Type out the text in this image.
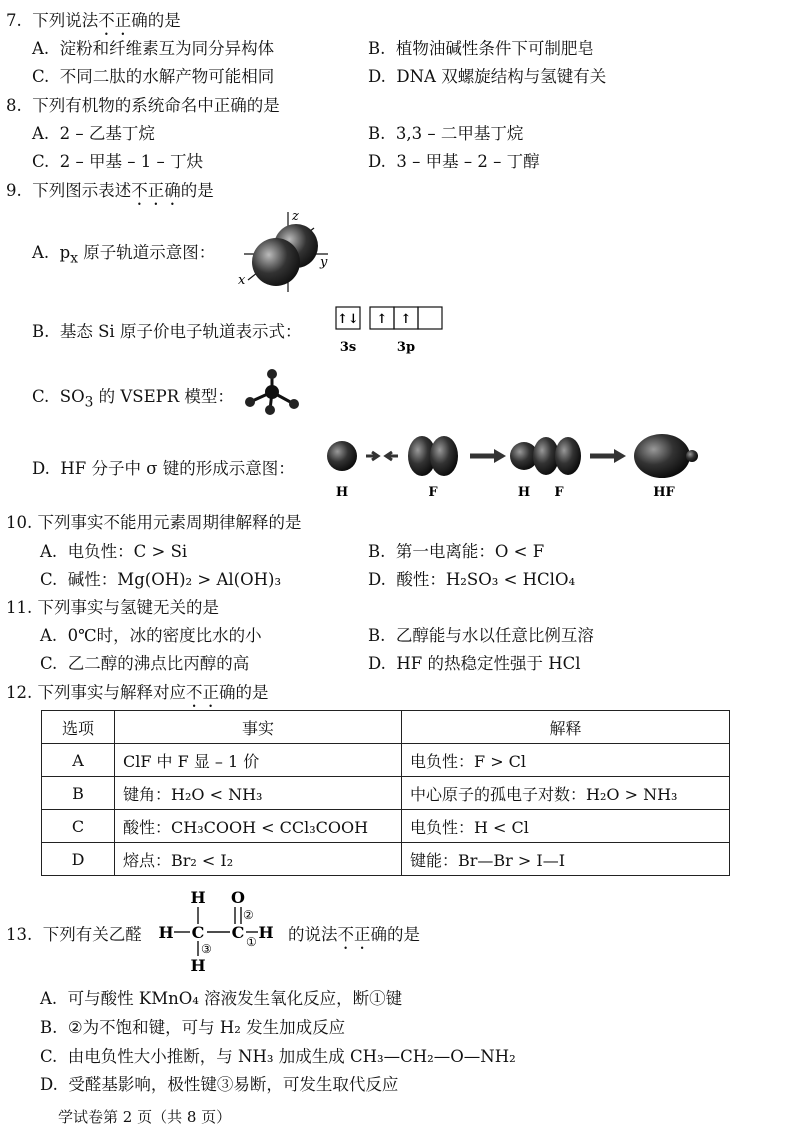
7. 下列说法不正确的是
A. 淀粉和纤维素互为同分异构体	B. 植物油碱性条件下可制肥皂
C. 不同二肽的水解产物可能相同	D. DNA 双螺旋结构与氢键有关
8. 下列有机物的系统命名中正确的是
A. 2 – 乙基丁烷	B. 3,3 – 二甲基丁烷
C. 2 – 甲基 – 1 – 丁炔	D. 3 – 甲基 – 2 – 丁醇
9. 下列图示表述不正确的是
A. $p_x$ 原子轨道示意图：
z
y
x
B. 基态 Si 原子价电子轨道表示式：
↑↓ ↑ ↑
3s	3p
C. $SO_3$ 的 VSEPR 模型：
D. HF 分子中 σ 键的形成示意图：
H	F	H F	HF
10. 下列事实不能用元素周期律解释的是
A. 电负性：C > Si	B. 第一电离能：O < F
C. 碱性：Mg(OH)₂ > Al(OH)₃	D. 酸性：H₂SO₃ < HClO₄
11. 下列事实与氢键无关的是
A. 0℃时，冰的密度比水的小	B. 乙醇能与水以任意比例互溶
C. 乙二醇的沸点比丙醇的高	D. HF 的热稳定性强于 HCl
12. 下列事实与解释对应不正确的是
选项	事实	解释
A	ClF 中 F 显 – 1 价	电负性：F > Cl
B	键角：H₂O < NH₃	中心原子的孤电子对数：H₂O > NH₃
C	酸性：CH₃COOH < CCl₃COOH	电负性：H < Cl
D	熔点：Br₂ < I₂	键能：Br—Br > I—I
13. 下列有关乙醛
H O
②
H C C ① H
③
H
的说法不正确的是
A. 可与酸性 KMnO₄ 溶液发生氧化反应，断①键
B. ②为不饱和键，可与 H₂ 发生加成反应
C. 由电负性大小推断，与 NH₃ 加成生成 CH₃—CH₂—O—NH₂
D. 受醛基影响，极性键③易断，可发生取代反应
学试卷第 2 页（共 8 页）
